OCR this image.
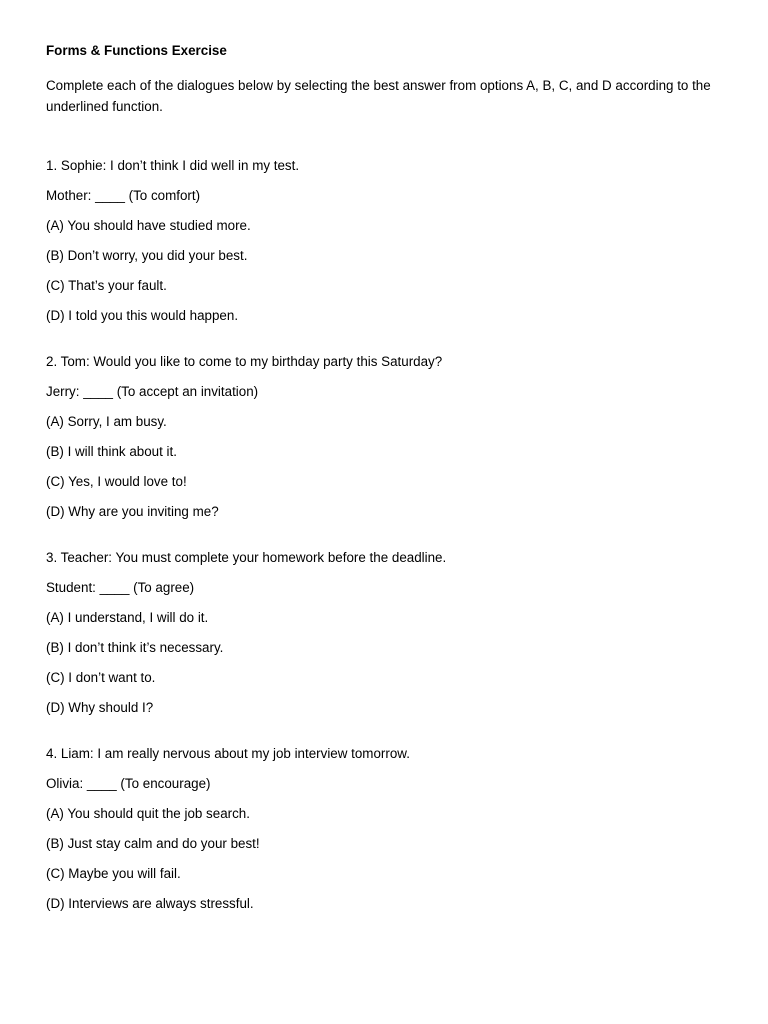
Forms & Functions Exercise
Complete each of the dialogues below by selecting the best answer from options A, B, C, and D according to the underlined function.
1. Sophie: I don’t think I did well in my test.
Mother: ____ (To comfort)
(A) You should have studied more.
(B) Don’t worry, you did your best.
(C) That’s your fault.
(D) I told you this would happen.
2. Tom: Would you like to come to my birthday party this Saturday?
Jerry: ____ (To accept an invitation)
(A) Sorry, I am busy.
(B) I will think about it.
(C) Yes, I would love to!
(D) Why are you inviting me?
3. Teacher: You must complete your homework before the deadline.
Student: ____ (To agree)
(A) I understand, I will do it.
(B) I don’t think it’s necessary.
(C) I don’t want to.
(D) Why should I?
4. Liam: I am really nervous about my job interview tomorrow.
Olivia: ____ (To encourage)
(A) You should quit the job search.
(B) Just stay calm and do your best!
(C) Maybe you will fail.
(D) Interviews are always stressful.
